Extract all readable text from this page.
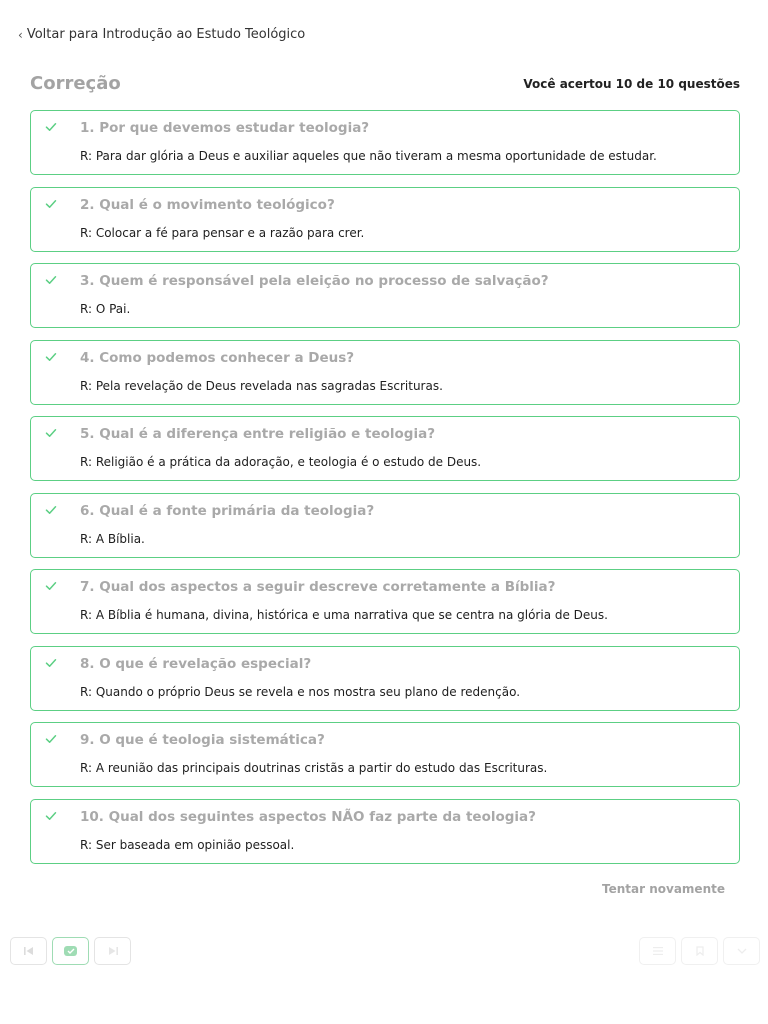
‹ Voltar para Introdução ao Estudo Teológico
Correção	Você acertou 10 de 10 questões
1. Por que devemos estudar teologia?
R: Para dar glória a Deus e auxiliar aqueles que não tiveram a mesma oportunidade de estudar.
2. Qual é o movimento teológico?
R: Colocar a fé para pensar e a razão para crer.
3. Quem é responsável pela eleição no processo de salvação?
R: O Pai.
4. Como podemos conhecer a Deus?
R: Pela revelação de Deus revelada nas sagradas Escrituras.
5. Qual é a diferença entre religião e teologia?
R: Religião é a prática da adoração, e teologia é o estudo de Deus.
6. Qual é a fonte primária da teologia?
R: A Bíblia.
7. Qual dos aspectos a seguir descreve corretamente a Bíblia?
R: A Bíblia é humana, divina, histórica e uma narrativa que se centra na glória de Deus.
8. O que é revelação especial?
R: Quando o próprio Deus se revela e nos mostra seu plano de redenção.
9. O que é teologia sistemática?
R: A reunião das principais doutrinas cristãs a partir do estudo das Escrituras.
10. Qual dos seguintes aspectos NÃO faz parte da teologia?
R: Ser baseada em opinião pessoal.
Tentar novamente
